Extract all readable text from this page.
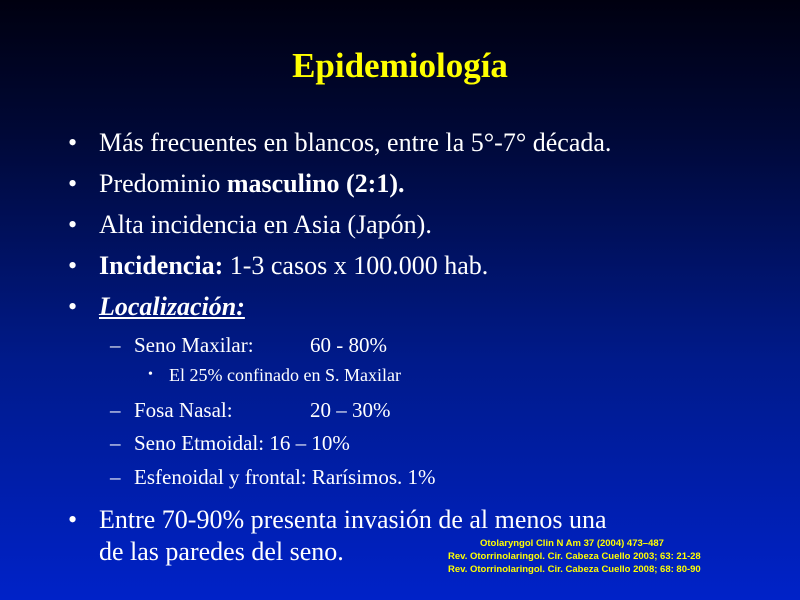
Epidemiología
• Más frecuentes en blancos, entre la 5°-7° década.
• Predominio masculino (2:1).
• Alta incidencia en Asia (Japón).
• Incidencia: 1-3 casos x 100.000 hab.
• Localización:
– Seno Maxilar:	60 - 80%
• El 25% confinado en S. Maxilar
– Fosa Nasal:	20 – 30%
– Seno Etmoidal: 16 – 10%
– Esfenoidal y frontal: Rarísimos. 1%
• Entre 70-90% presenta invasión de al menos una
de las paredes del seno.	Otolaryngol Clin N Am 37 (2004) 473–487
Rev. Otorrinolaringol. Cir. Cabeza Cuello 2003; 63: 21-28
Rev. Otorrinolaringol. Cir. Cabeza Cuello 2008; 68: 80-90
